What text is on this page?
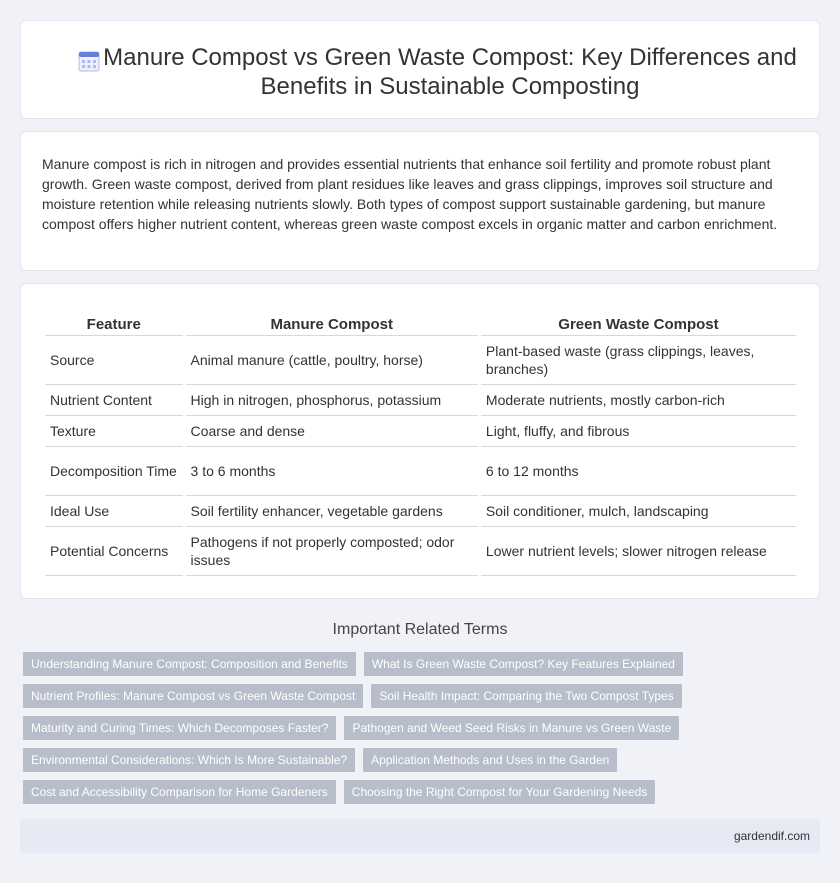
Manure Compost vs Green Waste Compost: Key Differences and Benefits in Sustainable Composting

Manure compost is rich in nitrogen and provides essential nutrients that enhance soil fertility and promote robust plant growth. Green waste compost, derived from plant residues like leaves and grass clippings, improves soil structure and moisture retention while releasing nutrients slowly. Both types of compost support sustainable gardening, but manure compost offers higher nutrient content, whereas green waste compost excels in organic matter and carbon enrichment.

Feature	Manure Compost	Green Waste Compost
Source	Animal manure (cattle, poultry, horse)	Plant-based waste (grass clippings, leaves, branches)
Nutrient Content	High in nitrogen, phosphorus, potassium	Moderate nutrients, mostly carbon-rich
Texture	Coarse and dense	Light, fluffy, and fibrous
Decomposition Time	3 to 6 months	6 to 12 months
Ideal Use	Soil fertility enhancer, vegetable gardens	Soil conditioner, mulch, landscaping
Potential Concerns	Pathogens if not properly composted; odor issues	Lower nutrient levels; slower nitrogen release
Important Related Terms
Understanding Manure Compost: Composition and Benefits	What Is Green Waste Compost? Key Features Explained
Nutrient Profiles: Manure Compost vs Green Waste Compost	Soil Health Impact: Comparing the Two Compost Types
Maturity and Curing Times: Which Decomposes Faster?	Pathogen and Weed Seed Risks in Manure vs Green Waste
Environmental Considerations: Which Is More Sustainable?	Application Methods and Uses in the Garden
Cost and Accessibility Comparison for Home Gardeners	Choosing the Right Compost for Your Gardening Needs
gardendif.com
